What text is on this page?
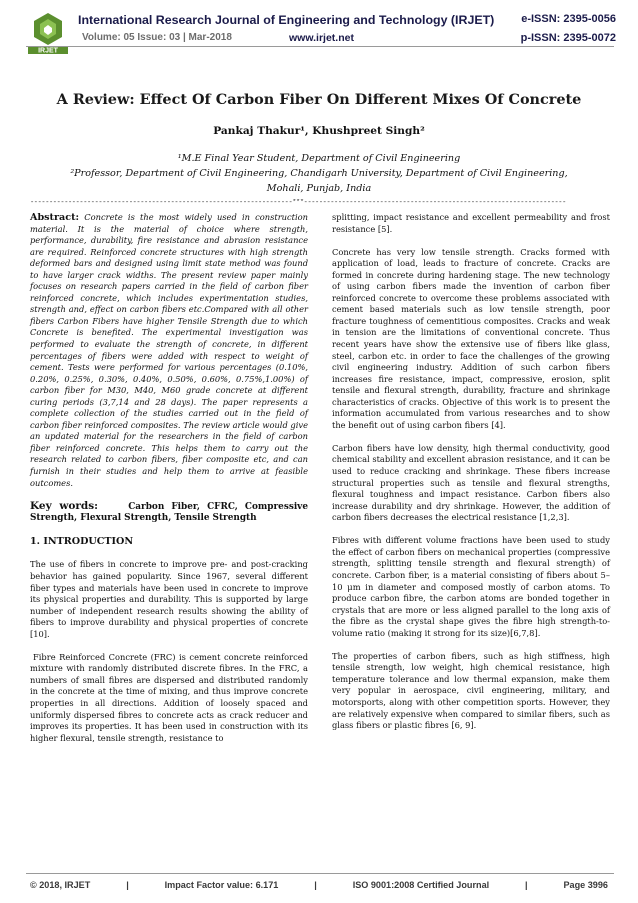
IRJET
International Research Journal of Engineering and Technology (IRJET) e-ISSN: 2395-0056
Volume: 05 Issue: 03 | Mar-2018	www.irjet.net	p-ISSN: 2395-0072
A Review: Effect Of Carbon Fiber On Different Mixes Of Concrete
Pankaj Thakur¹, Khushpreet Singh²
¹M.E Final Year Student, Department of Civil Engineering
²Professor, Department of Civil Engineering, Chandigarh University, Department of Civil Engineering,
Mohali, Punjab, India
---------------------------------------------------------------------***---------------------------------------------------------------------

Abstract: Concrete is the most widely used in construction material. It is the material of choice where strength, performance, durability, fire resistance and abrasion resistance are required. Reinforced concrete structures with high strength deformed bars and designed using limit state method was found to have larger crack widths. The present review paper mainly focuses on research papers carried in the field of carbon fiber reinforced concrete, which includes experimentation studies, strength and, effect on carbon fibers etc.Compared with all other fibers Carbon Fibers have higher Tensile Strength due to which Concrete is benefited. The experimental investigation was performed to evaluate the strength of concrete, in different percentages of fibers were added with respect to weight of cement. Tests were performed for various percentages (0.10%, 0.20%, 0.25%, 0.30%, 0.40%, 0.50%, 0.60%, 0.75%,1.00%) of carbon fiber for M30, M40, M60 grade concrete at different curing periods (3,7,14 and 28 days). The paper represents a complete collection of the studies carried out in the field of carbon fiber reinforced composites. The review article would give an updated material for the researchers in the field of carbon fiber reinforced concrete. This helps them to carry out the research related to carbon fibers, fiber composite etc, and can furnish in their studies and help them to arrive at feasible outcomes.

Key words:	Carbon Fiber, CFRC, Compressive Strength, Flexural Strength, Tensile Strength

1. INTRODUCTION

The use of fibers in concrete to improve pre- and post-cracking behavior has gained popularity. Since 1967, several different fiber types and materials have been used in concrete to improve its physical properties and durability. This is supported by large number of independent research results showing the ability of fibers to improve durability and physical properties of concrete [10].

Fibre Reinforced Concrete (FRC) is cement concrete reinforced mixture with randomly distributed discrete fibres. In the FRC, a numbers of small fibres are dispersed and distributed randomly in the concrete at the time of mixing, and thus improve concrete properties in all directions. Addition of loosely spaced and uniformly dispersed fibres to concrete acts as crack reducer and improves its properties. It has been used in construction with its higher flexural, tensile strength, resistance to

splitting, impact resistance and excellent permeability and frost resistance [5].

Concrete has very low tensile strength. Cracks formed with application of load, leads to fracture of concrete. Cracks are formed in concrete during hardening stage. The new technology of using carbon fibers made the invention of carbon fiber reinforced concrete to overcome these problems associated with cement based materials such as low tensile strength, poor fracture toughness of cementitious composites. Cracks and weak in tension are the limitations of conventional concrete. Thus recent years have show the extensive use of fibers like glass, steel, carbon etc. in order to face the challenges of the growing civil engineering industry. Addition of such carbon fibers increases fire resistance, impact, compressive, erosion, split tensile and flexural strength, durability, fracture and shrinkage characteristics of cracks. Objective of this work is to present the information accumulated from various researches and to show the benefit out of using carbon fibers [4].

Carbon fibers have low density, high thermal conductivity, good chemical stability and excellent abrasion resistance, and it can be used to reduce cracking and shrinkage. These fibers increase structural properties such as tensile and flexural strengths, flexural toughness and impact resistance. Carbon fibers also increase durability and dry shrinkage. However, the addition of carbon fibers decreases the electrical resistance [1,2,3].

Fibres with different volume fractions have been used to study the effect of carbon fibers on mechanical properties (compressive strength, splitting tensile strength and flexural strength) of concrete. Carbon fiber, is a material consisting of fibers about 5–10 μm in diameter and composed mostly of carbon atoms. To produce carbon fibre, the carbon atoms are bonded together in crystals that are more or less aligned parallel to the long axis of the fibre as the crystal shape gives the fibre high strength-to-volume ratio (making it strong for its size)[6,7,8].

The properties of carbon fibers, such as high stiffness, high tensile strength, low weight, high chemical resistance, high temperature tolerance and low thermal expansion, make them very popular in aerospace, civil engineering, military, and motorsports, along with other competition sports. However, they are relatively expensive when compared to similar fibers, such as glass fibers or plastic fibres [6, 9].

© 2018, IRJET	|	Impact Factor value: 6.171	|	ISO 9001:2008 Certified Journal	|	Page 3996
